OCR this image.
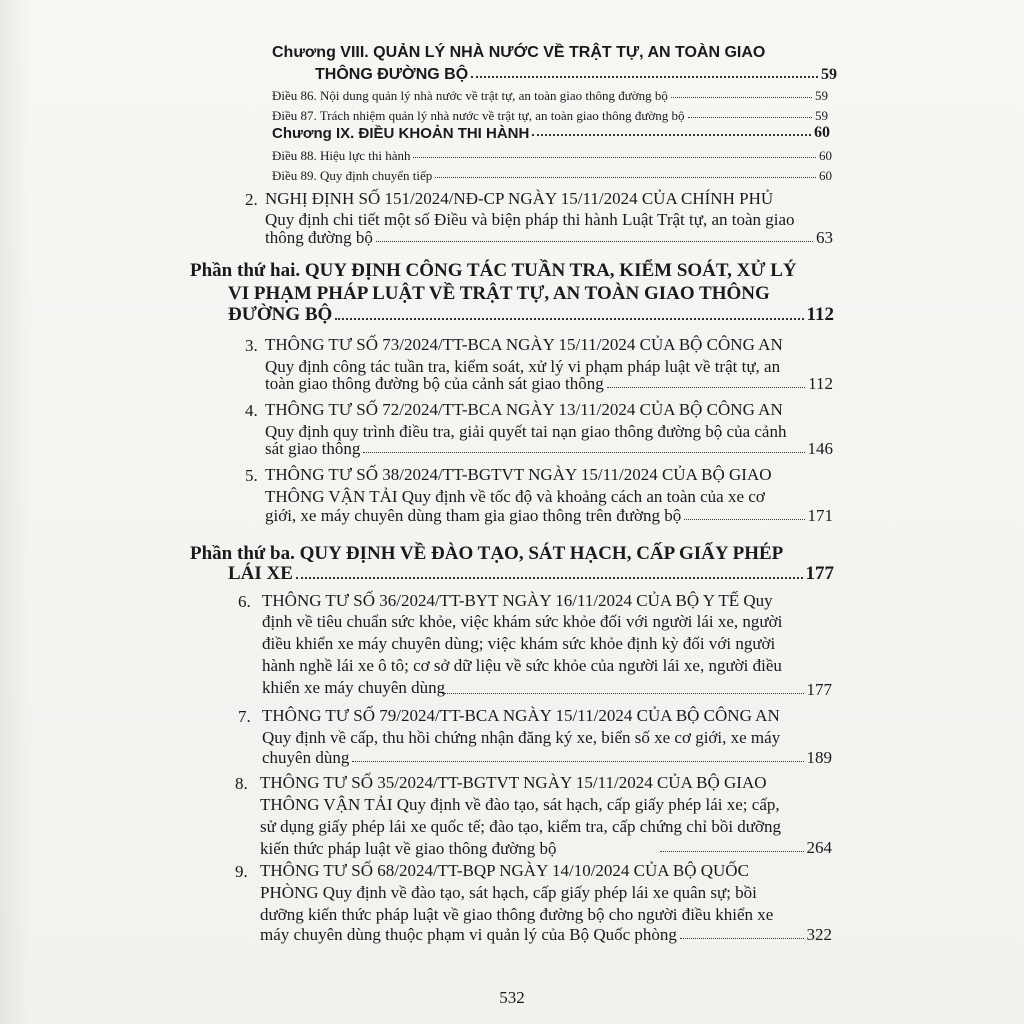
Chương VIII. QUẢN LÝ NHÀ NƯỚC VỀ TRẬT TỰ, AN TOÀN GIAO
THÔNG ĐƯỜNG BỘ	59
Điều 86. Nội dung quản lý nhà nước về trật tự, an toàn giao thông đường bộ	59
Điều 87. Trách nhiệm quản lý nhà nước về trật tự, an toàn giao thông đường bộ	59
Chương IX. ĐIỀU KHOẢN THI HÀNH	60
Điều 88. Hiệu lực thi hành	60
Điều 89. Quy định chuyển tiếp	60
2. NGHỊ ĐỊNH SỐ 151/2024/NĐ-CP NGÀY 15/11/2024 CỦA CHÍNH PHỦ
Quy định chi tiết một số Điều và biện pháp thi hành Luật Trật tự, an toàn giao
thông đường bộ	63
Phần thứ hai. QUY ĐỊNH CÔNG TÁC TUẦN TRA, KIỂM SOÁT, XỬ LÝ
VI PHẠM PHÁP LUẬT VỀ TRẬT TỰ, AN TOÀN GIAO THÔNG
ĐƯỜNG BỘ	112
3. THÔNG TƯ SỐ 73/2024/TT-BCA NGÀY 15/11/2024 CỦA BỘ CÔNG AN
Quy định công tác tuần tra, kiểm soát, xử lý vi phạm pháp luật về trật tự, an
toàn giao thông đường bộ của cảnh sát giao thông	112
4. THÔNG TƯ SỐ 72/2024/TT-BCA NGÀY 13/11/2024 CỦA BỘ CÔNG AN
Quy định quy trình điều tra, giải quyết tai nạn giao thông đường bộ của cảnh
sát giao thông	146
5. THÔNG TƯ SỐ 38/2024/TT-BGTVT NGÀY 15/11/2024 CỦA BỘ GIAO
THÔNG VẬN TẢI Quy định về tốc độ và khoảng cách an toàn của xe cơ
giới, xe máy chuyên dùng tham gia giao thông trên đường bộ	171
Phần thứ ba. QUY ĐỊNH VỀ ĐÀO TẠO, SÁT HẠCH, CẤP GIẤY PHÉP
LÁI XE	177
6. THÔNG TƯ SỐ 36/2024/TT-BYT NGÀY 16/11/2024 CỦA BỘ Y TẾ Quy
định về tiêu chuẩn sức khỏe, việc khám sức khỏe đối với người lái xe, người
điều khiển xe máy chuyên dùng; việc khám sức khỏe định kỳ đối với người
hành nghề lái xe ô tô; cơ sở dữ liệu về sức khỏe của người lái xe, người điều
khiển xe máy chuyên dùng	177
7. THÔNG TƯ SỐ 79/2024/TT-BCA NGÀY 15/11/2024 CỦA BỘ CÔNG AN
Quy định về cấp, thu hồi chứng nhận đăng ký xe, biển số xe cơ giới, xe máy
chuyên dùng	189
8. THÔNG TƯ SỐ 35/2024/TT-BGTVT NGÀY 15/11/2024 CỦA BỘ GIAO
THÔNG VẬN TẢI Quy định về đào tạo, sát hạch, cấp giấy phép lái xe; cấp,
sử dụng giấy phép lái xe quốc tế; đào tạo, kiểm tra, cấp chứng chỉ bồi dưỡng
kiến thức pháp luật về giao thông đường bộ	264
9. THÔNG TƯ SỐ 68/2024/TT-BQP NGÀY 14/10/2024 CỦA BỘ QUỐC
PHÒNG Quy định về đào tạo, sát hạch, cấp giấy phép lái xe quân sự; bồi
dưỡng kiến thức pháp luật về giao thông đường bộ cho người điều khiển xe
máy chuyên dùng thuộc phạm vi quản lý của Bộ Quốc phòng	322
532
